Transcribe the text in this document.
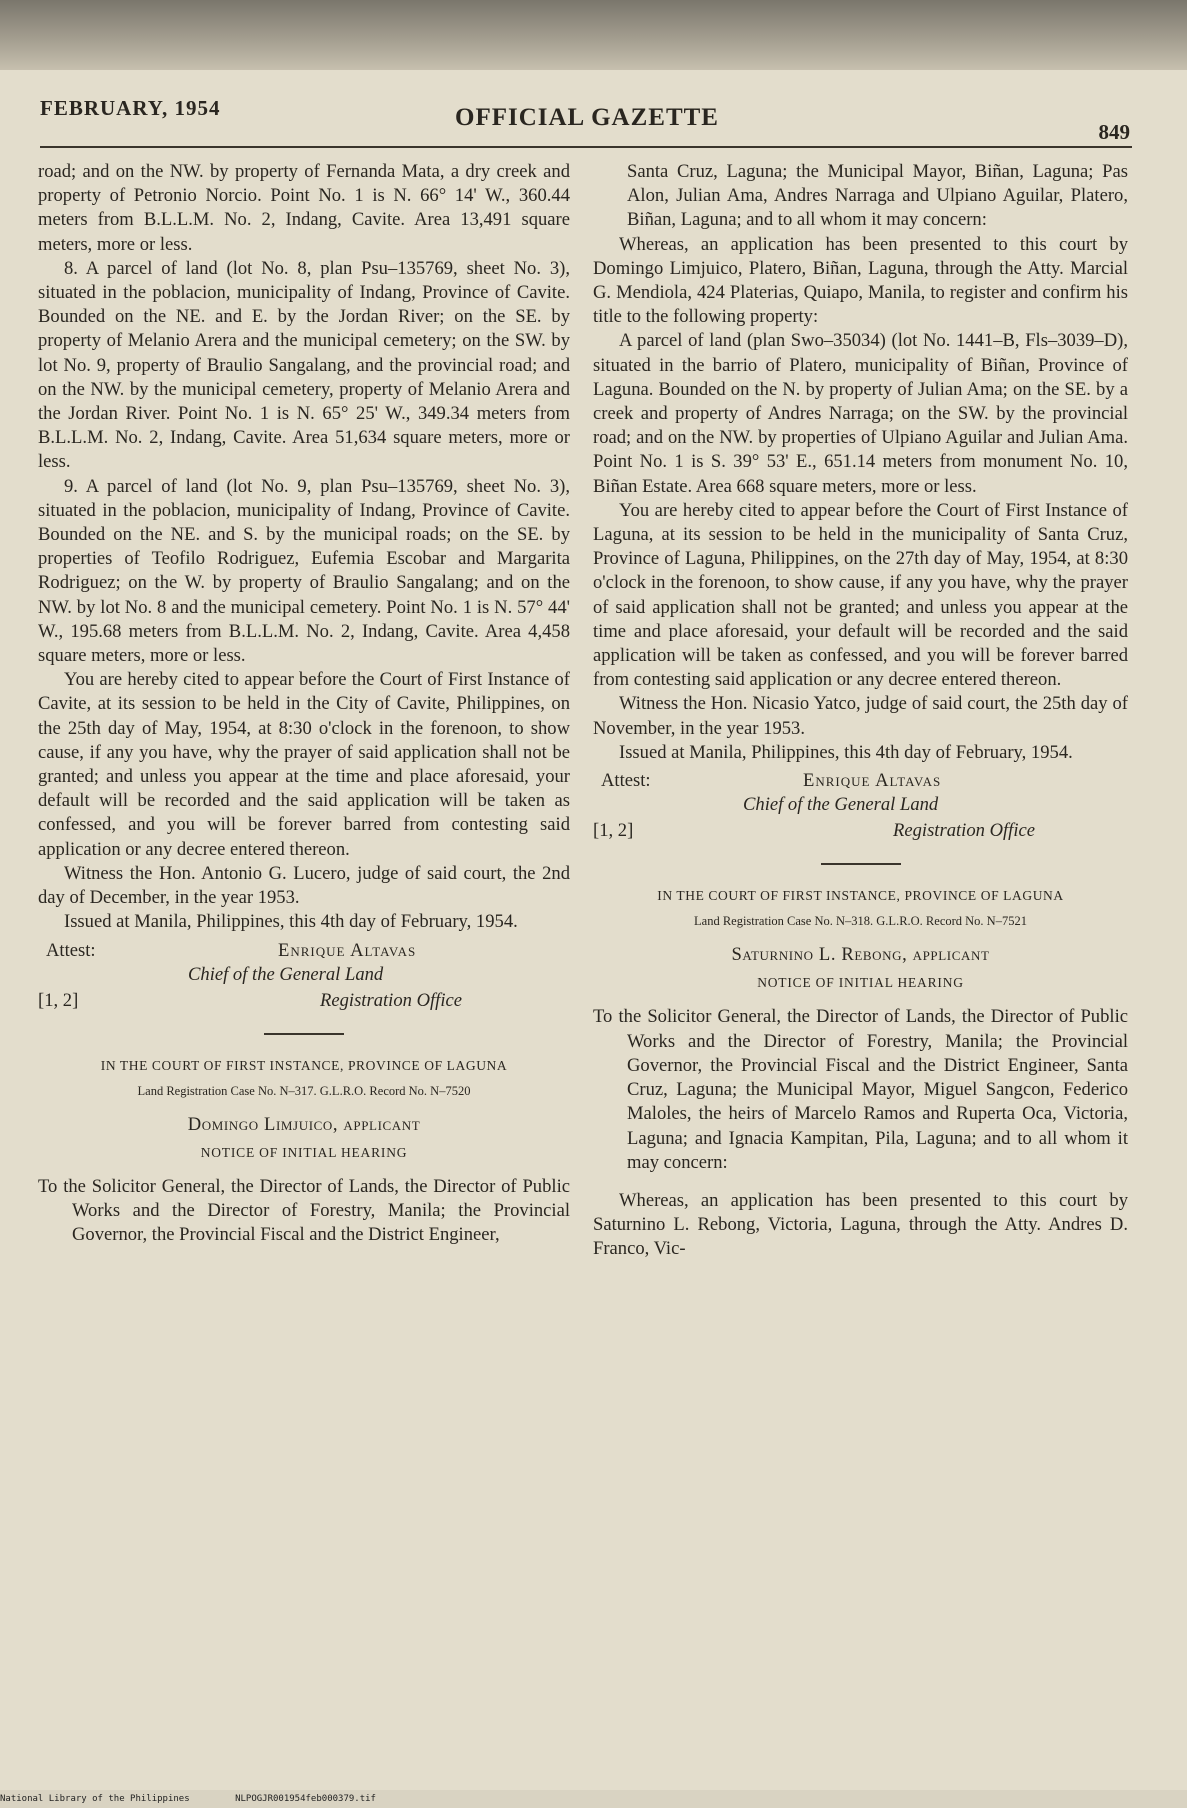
FEBRUARY, 1954	OFFICIAL GAZETTE
849

road; and on the NW. by property of Fernanda Mata, a dry creek and property of Petronio Norcio. Point No. 1 is N. 66° 14' W., 360.44 meters from B.L.L.M. No. 2, Indang, Cavite. Area 13,491 square meters, more or less.

8. A parcel of land (lot No. 8, plan Psu–135769, sheet No. 3), situated in the poblacion, municipality of Indang, Province of Cavite. Bounded on the NE. and E. by the Jordan River; on the SE. by property of Melanio Arera and the municipal cemetery; on the SW. by lot No. 9, property of Braulio Sangalang, and the provincial road; and on the NW. by the municipal cemetery, property of Melanio Arera and the Jordan River. Point No. 1 is N. 65° 25' W., 349.34 meters from B.L.L.M. No. 2, Indang, Cavite. Area 51,634 square meters, more or less.

9. A parcel of land (lot No. 9, plan Psu–135769, sheet No. 3), situated in the poblacion, municipality of Indang, Province of Cavite. Bounded on the NE. and S. by the municipal roads; on the SE. by properties of Teofilo Rodriguez, Eufemia Escobar and Margarita Rodriguez; on the W. by property of Braulio Sangalang; and on the NW. by lot No. 8 and the municipal cemetery. Point No. 1 is N. 57° 44' W., 195.68 meters from B.L.L.M. No. 2, Indang, Cavite. Area 4,458 square meters, more or less.

You are hereby cited to appear before the Court of First Instance of Cavite, at its session to be held in the City of Cavite, Philippines, on the 25th day of May, 1954, at 8:30 o'clock in the forenoon, to show cause, if any you have, why the prayer of said application shall not be granted; and unless you appear at the time and place aforesaid, your default will be recorded and the said application will be taken as confessed, and you will be forever barred from contesting said application or any decree entered thereon.

Witness the Hon. Antonio G. Lucero, judge of said court, the 2nd day of December, in the year 1953.

Issued at Manila, Philippines, this 4th day of February, 1954.

Attest:	Enrique Altavas
Chief of the General Land
[1, 2]	Registration Office
IN THE COURT OF FIRST INSTANCE, PROVINCE OF LAGUNA
Land Registration Case No. N–317. G.L.R.O. Record No. N–7520
Domingo Limjuico, applicant
NOTICE OF INITIAL HEARING

To the Solicitor General, the Director of Lands, the Director of Public Works and the Director of Forestry, Manila; the Provincial Governor, the Provincial Fiscal and the District Engineer,

Santa Cruz, Laguna; the Municipal Mayor, Biñan, Laguna; Pas Alon, Julian Ama, Andres Narraga and Ulpiano Aguilar, Platero, Biñan, Laguna; and to all whom it may concern:

Whereas, an application has been presented to this court by Domingo Limjuico, Platero, Biñan, Laguna, through the Atty. Marcial G. Mendiola, 424 Platerias, Quiapo, Manila, to register and confirm his title to the following property:

A parcel of land (plan Swo–35034) (lot No. 1441–B, Fls–3039–D), situated in the barrio of Platero, municipality of Biñan, Province of Laguna. Bounded on the N. by property of Julian Ama; on the SE. by a creek and property of Andres Narraga; on the SW. by the provincial road; and on the NW. by properties of Ulpiano Aguilar and Julian Ama. Point No. 1 is S. 39° 53' E., 651.14 meters from monument No. 10, Biñan Estate. Area 668 square meters, more or less.

You are hereby cited to appear before the Court of First Instance of Laguna, at its session to be held in the municipality of Santa Cruz, Province of Laguna, Philippines, on the 27th day of May, 1954, at 8:30 o'clock in the forenoon, to show cause, if any you have, why the prayer of said application shall not be granted; and unless you appear at the time and place aforesaid, your default will be recorded and the said application will be taken as confessed, and you will be forever barred from contesting said application or any decree entered thereon.

Witness the Hon. Nicasio Yatco, judge of said court, the 25th day of November, in the year 1953.

Issued at Manila, Philippines, this 4th day of February, 1954.

Attest:	Enrique Altavas
Chief of the General Land
[1, 2]	Registration Office
IN THE COURT OF FIRST INSTANCE, PROVINCE OF LAGUNA
Land Registration Case No. N–318. G.L.R.O. Record No. N–7521
Saturnino L. Rebong, applicant
NOTICE OF INITIAL HEARING

To the Solicitor General, the Director of Lands, the Director of Public Works and the Director of Forestry, Manila; the Provincial Governor, the Provincial Fiscal and the District Engineer, Santa Cruz, Laguna; the Municipal Mayor, Miguel Sangcon, Federico Maloles, the heirs of Marcelo Ramos and Ruperta Oca, Victoria, Laguna; and Ignacia Kampitan, Pila, Laguna; and to all whom it may concern:

Whereas, an application has been presented to this court by Saturnino L. Rebong, Victoria, Laguna, through the Atty. Andres D. Franco, Vic-

National Library of the Philippines	NLPOGJR001954feb000379.tif
